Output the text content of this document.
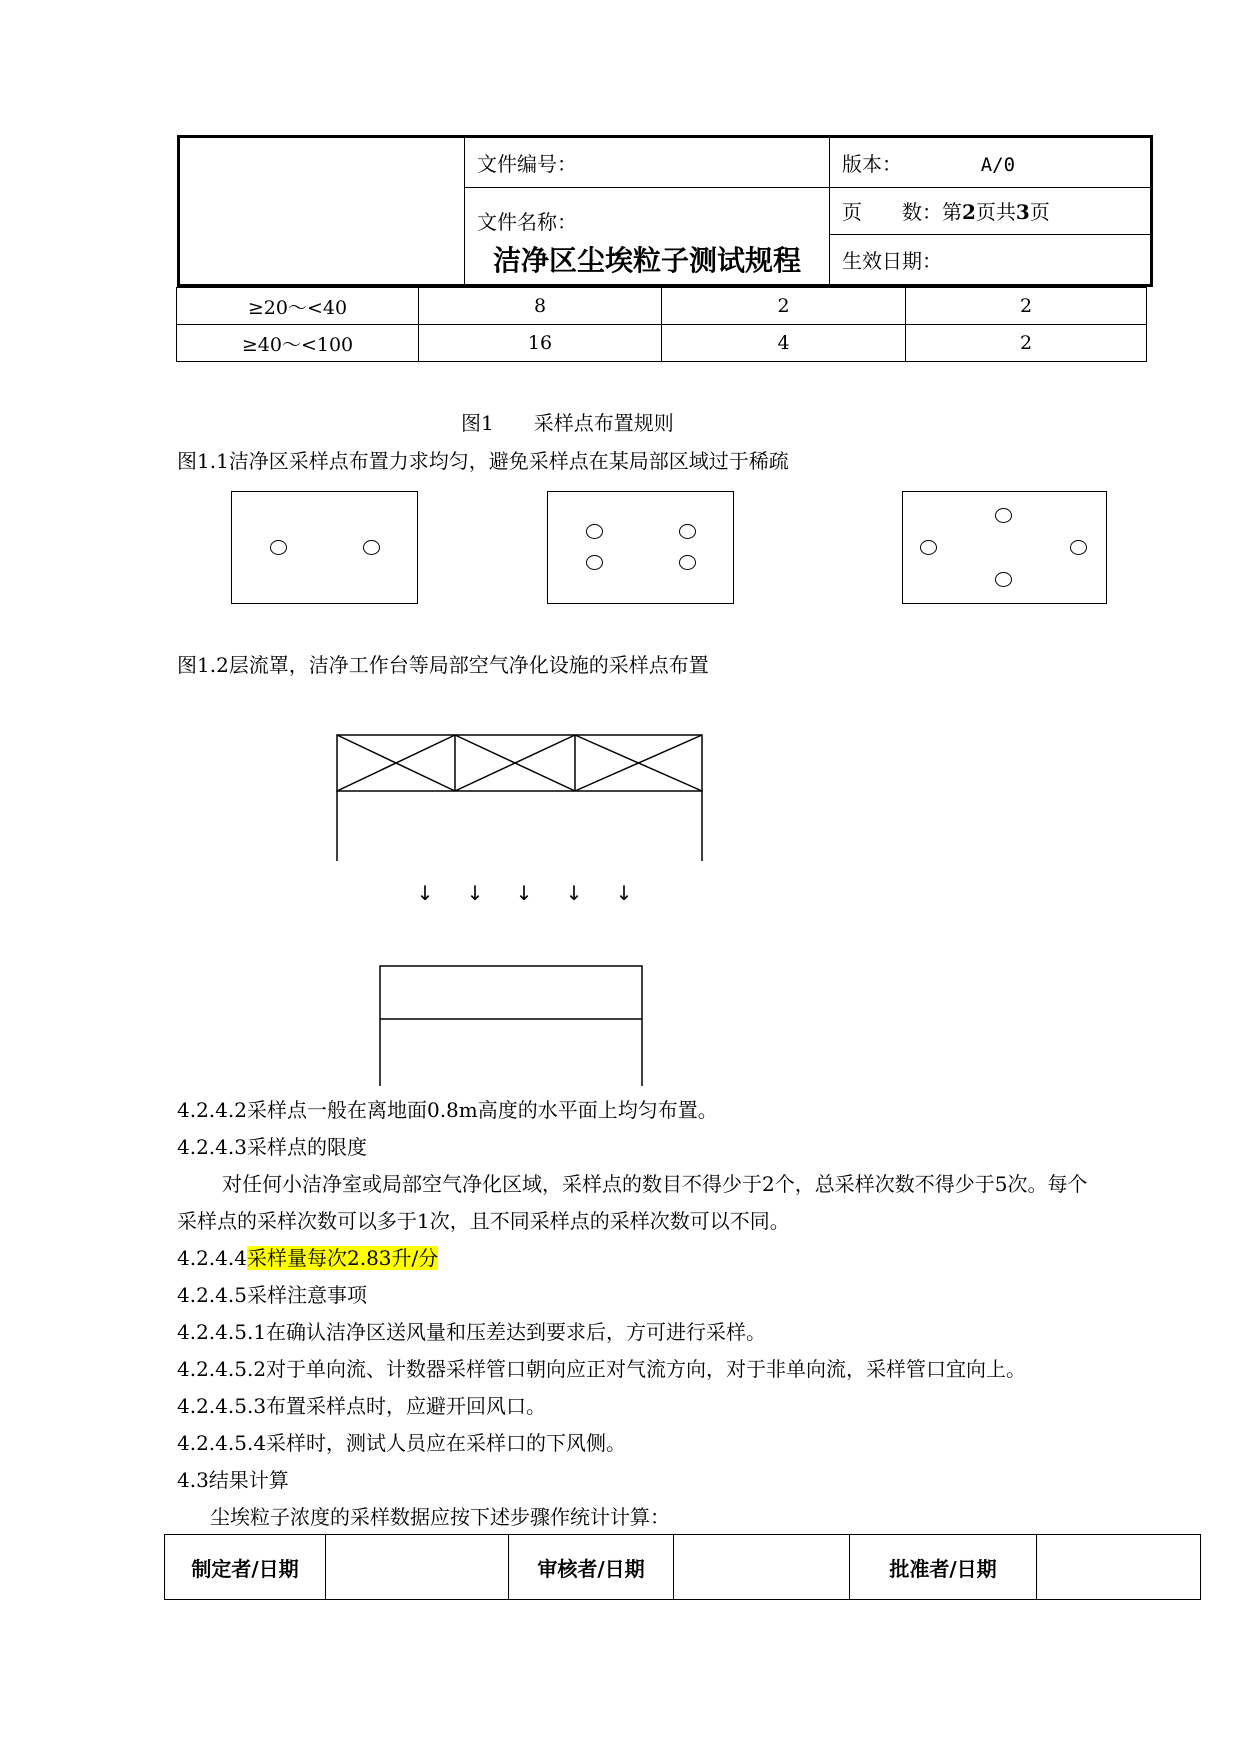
	文件编号：	版本： A/0

	文件名称：
洁净区尘埃粒子测试规程	页　　数：第2页共3页
		生效日期：
≥20～<40	8	2	2
≥40～<100	16	4	2
图1　　采样点布置规则
图1.1洁净区采样点布置力求均匀，避免采样点在某局部区域过于稀疏
图1.2层流罩，洁净工作台等局部空气净化设施的采样点布置
↓ ↓ ↓ ↓ ↓
4.2.4.2采样点一般在离地面0.8m高度的水平面上均匀布置。
4.2.4.3采样点的限度
对任何小洁净室或局部空气净化区域，采样点的数目不得少于2个，总采样次数不得少于5次。每个
采样点的采样次数可以多于1次，且不同采样点的采样次数可以不同。
4.2.4.4采样量每次2.83升/分
4.2.4.5采样注意事项
4.2.4.5.1在确认洁净区送风量和压差达到要求后，方可进行采样。
4.2.4.5.2对于单向流、计数器采样管口朝向应正对气流方向，对于非单向流，采样管口宜向上。
4.2.4.5.3布置采样点时，应避开回风口。
4.2.4.5.4采样时，测试人员应在采样口的下风侧。
4.3结果计算
尘埃粒子浓度的采样数据应按下述步骤作统计计算：
制定者/日期		审核者/日期		批准者/日期	
